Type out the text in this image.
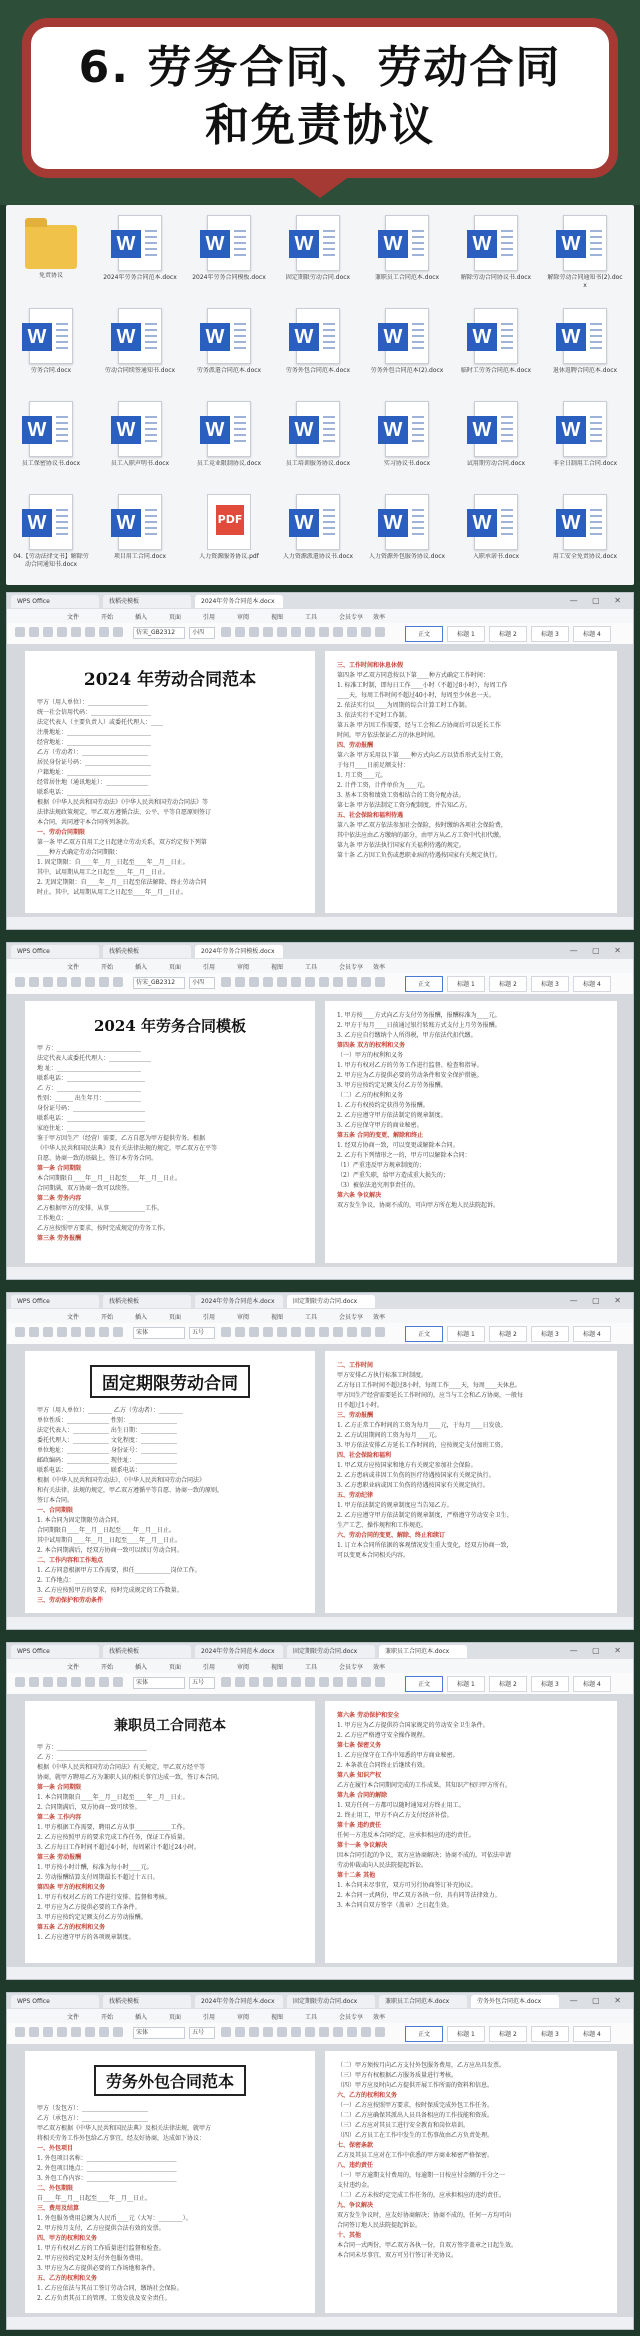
6. 劳务合同、劳动合同
和免责协议
免责协议
W
2024年劳务合同范本.docx
W
2024年劳务合同模板.docx
W
固定期限劳动合同.docx
W
兼职员工合同范本.docx
W
解除劳动合同协议书.docx
W
解除劳动合同通知书(2).docx
W
劳务合同.docx
W
劳动合同续签通知书.docx
W
劳务派遣合同范本.docx
W
劳务外包合同范本.docx
W
劳务外包合同范本(2).docx
W
临时工劳务合同范本.docx
W
退休返聘合同范本.docx
W
员工保密协议书.docx
W
员工入职声明书.docx
W
员工竞业限制协议.docx
W
员工培训服务协议.docx
W
实习协议书.docx
W
试用期劳动合同.docx
W
非全日制用工合同.docx
W
04.【劳动法律文书】解除劳动合同通知书.docx
W
项目用工合同.docx
PDF
人力资源服务协议.pdf
W
人力资源派遣协议书.docx
W
人力资源外包服务协议.docx
W
入职承诺书.docx
W
用工安全免责协议.docx
WPS Office	找稻壳模板	2024年劳务合同范本.docx	— ▢ ✕
文件	开始	插入	页面	引用	审阅	视图	工具	会员专享 效率
仿宋_GB2312	小四	正文	标题 1	标题 2	标题 3	标题 4
2024 年劳动合同范本
甲方（用人单位）：____________________
统一社会信用代码：____________________
法定代表人（主要负责人）或委托代理人：____
注册地址：____________________________
经营地址：____________________________
乙方（劳动者）：______________________
居民身份证号码：______________________
户籍地址：____________________________
经常居住地（通讯地址）：______________
联系电话：____________________________
根据《中华人民共和国劳动法》《中华人民共和国劳动合同法》等
法律法规政策规定，甲乙双方遵循合法、公平、平等自愿原则签订
本合同，共同遵守本合同所列条款。
一、劳动合同期限
第一条 甲乙双方自用工之日起建立劳动关系，双方约定按下列第
____种方式确定劳动合同期限：
1. 固定期限：自____年__月__日起至____年__月__日止。
其中，试用期从用工之日起至____年__月__日止。
2. 无固定期限：自____年__月__日起至依法解除、终止劳动合同
时止。其中，试用期从用工之日起至____年__月__日止。
三、工作时间和休息休假
第四条 甲乙双方同意按以下第____种方式确定工作时间：
1. 标准工时制，即每日工作____小时（不超过8小时），每周工作
____天，每周工作时间不超过40小时，每周至少休息一天。
2. 依法实行以____为周期的综合计算工时工作制。
3. 依法实行不定时工作制。
第五条 甲方因工作需要，经与工会和乙方协商后可以延长工作
时间。甲方依法保证乙方的休息时间。
四、劳动报酬
第六条 甲方采用以下第____种方式向乙方以货币形式支付工资，
于每月____日前足额支付：
1. 月工资____元。
2. 计件工资，计件单价为____元。
3. 基本工资和绩效工资相结合的工资分配办法。
第七条 甲方依法制定工资分配制度，并告知乙方。
五、社会保险和福利待遇
第八条 甲乙双方依法参加社会保险，按时缴纳各项社会保险费，
其中依法应由乙方缴纳的部分，由甲方从乙方工资中代扣代缴。
第九条 甲方依法执行国家有关福利待遇的规定。
第十条 乙方因工负伤或患职业病的待遇按国家有关规定执行。
WPS Office	找稻壳模板	2024年劳务合同模板.docx	— ▢ ✕
文件	开始	插入	页面	引用	审阅	视图	工具	会员专享 效率
仿宋_GB2312	小四	正文	标题 1	标题 2	标题 3	标题 4
2024 年劳务合同模板
甲 方：____________________________
法定代表人或委托代理人：______________
地 址：____________________________
联系电话：__________________________
乙 方：____________________________
性别：______ 出生年月：____________
身份证号码：________________________
联系电话：__________________________
家庭住址：__________________________
鉴于甲方因生产（经营）需要，乙方自愿为甲方提供劳务。根据
《中华人民共和国民法典》及有关法律法规的规定，甲乙双方在平等
自愿、协商一致的基础上，签订本劳务合同。
第一条 合同期限
本合同期限自____年__月__日起至____年__月__日止。
合同期满，双方协商一致可以续签。
第二条 劳务内容
乙方根据甲方的安排，从事____________工作。
工作地点：____________________________
乙方应按照甲方要求，按时完成规定的劳务工作。
第三条 劳务报酬
1. 甲方按____方式向乙方支付劳务报酬，报酬标准为____元。
2. 甲方于每月____日前通过银行转账方式支付上月劳务报酬。
3. 乙方应自行缴纳个人所得税，甲方依法代扣代缴。
第四条 双方的权利和义务
（一）甲方的权利和义务
1. 甲方有权对乙方的劳务工作进行监督、检查和指导。
2. 甲方应为乙方提供必要的劳动条件和安全保护措施。
3. 甲方应按约定足额支付乙方劳务报酬。
（二）乙方的权利和义务
1. 乙方有权按约定获得劳务报酬。
2. 乙方应遵守甲方依法制定的规章制度。
3. 乙方应保守甲方的商业秘密。
第五条 合同的变更、解除和终止
1. 经双方协商一致，可以变更或解除本合同。
2. 乙方有下列情形之一的，甲方可以解除本合同：
（1）严重违反甲方规章制度的；
（2）严重失职，给甲方造成重大损失的；
（3）被依法追究刑事责任的。
第六条 争议解决
双方发生争议，协商不成的，可向甲方所在地人民法院起诉。
WPS Office	找稻壳模板	2024年劳务合同范本.docx	固定期限劳动合同.docx	— ▢ ✕
文件	开始	插入	页面	引用	审阅	视图	工具	会员专享 效率
宋体	五号	正文	标题 1	标题 2	标题 3	标题 4
固定期限劳动合同
甲方（用人单位）：________ 乙方（劳动者）：________
单位性质：______________ 性别：________________
法定代表人：____________ 出生日期：____________
委托代理人：____________ 文化程度：____________
单位地址：______________ 身份证号：____________
邮政编码：______________ 现住址：______________
联系电话：______________ 联系电话：____________
根据《中华人民共和国劳动法》、《中华人民共和国劳动合同法》
和有关法律、法规的规定，甲乙双方遵循平等自愿、协商一致的原则，
签订本合同。
一、合同期限
1. 本合同为固定期限劳动合同。
合同期限自____年__月__日起至____年__月__日止。
其中试用期自____年__月__日起至____年__月__日止。
2. 本合同期满后，经双方协商一致可以续订劳动合同。
二、工作内容和工作地点
1. 乙方同意根据甲方工作需要，担任____________岗位工作。
2. 工作地点：______________________________
3. 乙方应按照甲方的要求，按时完成规定的工作数量。
三、劳动保护和劳动条件
二、工作时间
甲方安排乙方执行标准工时制度。
乙方每日工作时间不超过8小时，每周工作____天，每周____天休息。
甲方因生产经营需要延长工作时间的，应当与工会和乙方协商，一般每
日不超过1小时。
三、劳动报酬
1. 乙方正常工作时间的工资为每月____元，于每月____日发放。
2. 乙方试用期间的工资为每月____元。
3. 甲方依法安排乙方延长工作时间的，应按规定支付加班工资。
四、社会保险和福利
1. 甲乙双方应按国家和地方有关规定参加社会保险。
2. 乙方患病或非因工负伤的医疗待遇按国家有关规定执行。
3. 乙方患职业病或因工负伤的待遇按国家有关规定执行。
五、劳动纪律
1. 甲方依法制定的规章制度应当告知乙方。
2. 乙方应遵守甲方依法制定的规章制度，严格遵守劳动安全卫生、
生产工艺、操作规程和工作规范。
六、劳动合同的变更、解除、终止和续订
1. 订立本合同所依据的客观情况发生重大变化，经双方协商一致，
可以变更本合同相关内容。
WPS Office	找稻壳模板	2024年劳务合同范本.docx	固定期限劳动合同.docx	兼职员工合同范本.docx	— ▢ ✕
文件	开始	插入	页面	引用	审阅	视图	工具	会员专享 效率
宋体	五号	正文	标题 1	标题 2	标题 3	标题 4
兼职员工合同范本
甲 方：______________________________
乙 方：______________________________
根据《中华人民共和国劳动合同法》有关规定，甲乙双方经平等
协商，就甲方聘用乙方为兼职人员的相关事宜达成一致，签订本合同。
第一条 合同期限
1. 本合同期限自____年__月__日起至____年__月__日止。
2. 合同期满后，双方协商一致可续签。
第二条 工作内容
1. 甲方根据工作需要，聘用乙方从事____________工作。
2. 乙方应按照甲方的要求完成工作任务，保证工作质量。
3. 乙方每日工作时间不超过4小时，每周累计不超过24小时。
第三条 劳动报酬
1. 甲方按小时计酬，标准为每小时____元。
2. 劳动报酬结算支付周期最长不超过十五日。
第四条 甲方的权利和义务
1. 甲方有权对乙方的工作进行安排、监督和考核。
2. 甲方应为乙方提供必要的工作条件。
3. 甲方应按约定足额支付乙方劳动报酬。
第五条 乙方的权利和义务
1. 乙方应遵守甲方的各项规章制度。
第六条 劳动保护和安全
1. 甲方应为乙方提供符合国家规定的劳动安全卫生条件。
2. 乙方应严格遵守安全操作规程。
第七条 保密义务
1. 乙方应保守在工作中知悉的甲方商业秘密。
2. 本条款在合同终止后继续有效。
第八条 知识产权
乙方在履行本合同期间完成的工作成果，其知识产权归甲方所有。
第九条 合同的解除
1. 双方任何一方都可以随时通知对方终止用工。
2. 终止用工，甲方不向乙方支付经济补偿。
第十条 违约责任
任何一方违反本合同约定，应承担相应的违约责任。
第十一条 争议解决
因本合同引起的争议，双方应协商解决；协商不成的，可依法申请
劳动仲裁或向人民法院提起诉讼。
第十二条 其他
1. 本合同未尽事宜，双方可另行协商签订补充协议。
2. 本合同一式两份，甲乙双方各执一份，具有同等法律效力。
3. 本合同自双方签字（盖章）之日起生效。
WPS Office	找稻壳模板	2024年劳务合同范本.docx	固定期限劳动合同.docx	兼职员工合同范本.docx	劳务外包合同范本.docx	— ▢ ✕
文件	开始	插入	页面	引用	审阅	视图	工具	会员专享 效率
宋体	五号	正文	标题 1	标题 2	标题 3	标题 4
劳务外包合同范本
甲方（发包方）：______________________
乙方（承包方）：______________________
甲乙双方根据《中华人民共和国民法典》及相关法律法规，就甲方
将相关劳务工作外包给乙方事宜，经友好协商，达成如下协议：
一、外包项目
1. 外包项目名称：______________________________
2. 外包项目地点：______________________________
3. 外包工作内容：______________________________
二、外包期限
自____年__月__日起至____年__月__日止。
三、费用及结算
1. 外包服务费用总额为人民币____元（大写：________）。
2. 甲方按月支付，乙方应提供合法有效的发票。
四、甲方的权利和义务
1. 甲方有权对乙方的工作质量进行监督和检查。
2. 甲方应按约定及时支付外包服务费用。
3. 甲方应为乙方提供必要的工作场地和条件。
五、乙方的权利和义务
1. 乙方应依法与其员工签订劳动合同，缴纳社会保险。
2. 乙方负责其员工的管理、工资发放及安全责任。
（二）甲方须按月向乙方支付外包服务费用，乙方应出具发票。
（三）甲方有权根据乙方服务质量进行考核。
（四）甲方应及时向乙方提供开展工作所需的资料和信息。
六、乙方的权利和义务
（一）乙方应按照甲方要求，按时保质完成外包工作任务。
（二）乙方应确保其派出人员具备相应的工作技能和资质。
（三）乙方应对其员工进行安全教育和岗位培训。
（四）乙方员工在工作中发生的工伤事故由乙方负责处理。
七、保密条款
乙方及其员工应对在工作中获悉的甲方商业秘密严格保密。
八、违约责任
（一）甲方逾期支付费用的，每逾期一日按应付金额的千分之一
支付违约金。
（二）乙方未按约定完成工作任务的，应承担相应的违约责任。
九、争议解决
双方发生争议时，应友好协商解决；协商不成的，任何一方均可向
合同签订地人民法院提起诉讼。
十、其他
本合同一式两份，甲乙双方各执一份，自双方签字盖章之日起生效。
本合同未尽事宜，双方可另行签订补充协议。
